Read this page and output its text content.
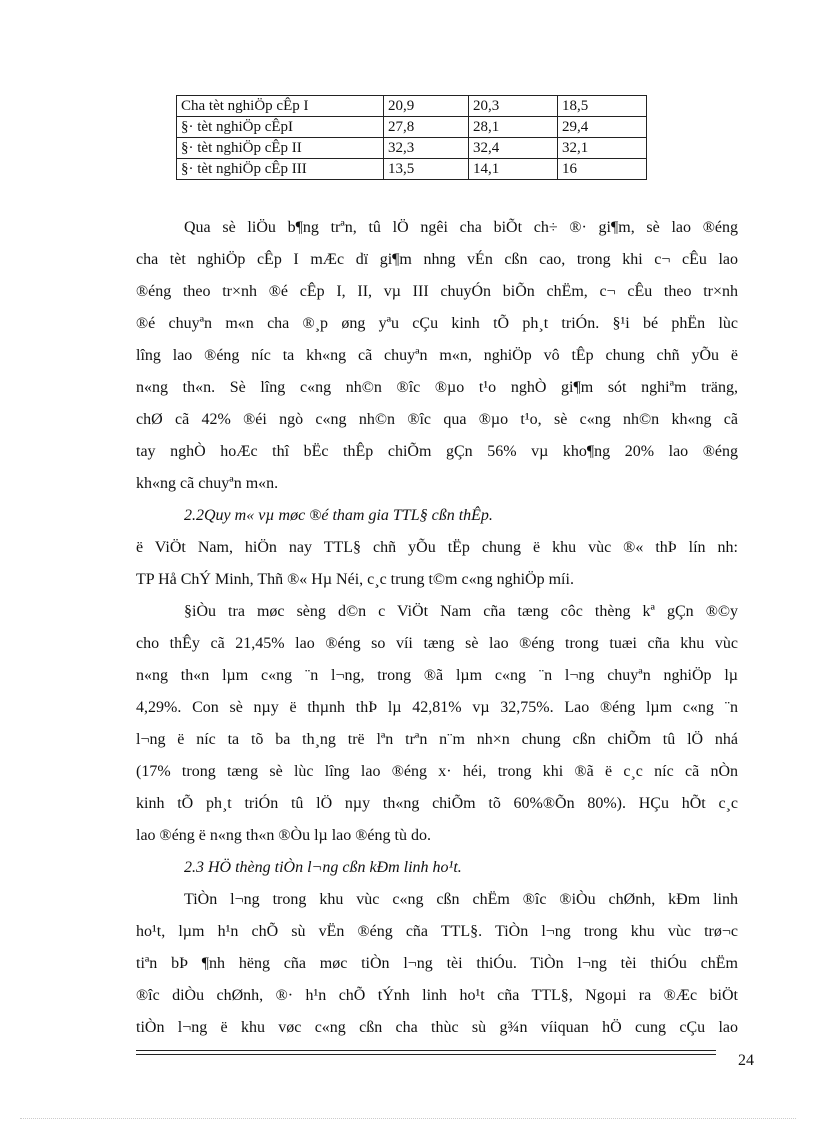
Cha tèt nghiÖp cÊp I	20,9	20,3	18,5
§· tèt nghiÖp cÊpI	27,8	28,1	29,4
§· tèt nghiÖp cÊp II	32,3	32,4	32,1
§· tèt nghiÖp cÊp III	13,5	14,1	16

Qua sè liÖu b¶ng trªn, tû lÖ ngêi cha biÕt ch÷ ®· gi¶m, sè lao ®éng
cha tèt nghiÖp cÊp I mÆc dï gi¶m nhng vÉn cßn cao, trong khi c¬ cÊu lao
®éng theo tr×nh ®é cÊp I, II, vµ III chuyÓn biÕn chËm, c¬ cÊu theo tr×nh
®é chuyªn m«n cha ®¸p øng yªu cÇu kinh tÕ ph¸t triÓn. §¹i bé phËn lùc
lîng lao ®éng níc ta kh«ng cã chuyªn m«n, nghiÖp vô tÊp chung chñ yÕu ë
n«ng th«n. Sè lîng c«ng nh©n ®îc ®µo t¹o nghÒ gi¶m sót nghiªm träng,
chØ cã 42% ®éi ngò c«ng nh©n ®îc qua ®µo t¹o, sè c«ng nh©n kh«ng cã
tay nghÒ hoÆc thî bËc thÊp chiÕm gÇn 56% vµ kho¶ng 20% lao ®éng
kh«ng cã chuyªn m«n.

2.2Quy m« vµ møc ®é tham gia TTL§ cßn thÊp.

ë ViÖt Nam, hiÖn nay TTL§ chñ yÕu tËp chung ë khu vùc ®« thÞ lín nh:
TP Hå ChÝ Minh, Thñ ®« Hµ Néi, c¸c trung t©m c«ng nghiÖp míi.

§iÒu tra møc sèng d©n c ViÖt Nam cña tæng côc thèng kª gÇn ®©y
cho thÊy cã 21,45% lao ®éng so víi tæng sè lao ®éng trong tuæi cña khu vùc
n«ng th«n lµm c«ng ¨n l¬ng, trong ®ã lµm c«ng ¨n l¬ng chuyªn nghiÖp lµ
4,29%. Con sè nµy ë thµnh thÞ lµ 42,81% vµ 32,75%. Lao ®éng lµm c«ng ¨n
l¬ng ë níc ta tõ ba th¸ng trë lªn trªn n¨m nh×n chung cßn chiÕm tû lÖ nhá
(17% trong tæng sè lùc lîng lao ®éng x· héi, trong khi ®ã ë c¸c níc cã nÒn
kinh tÕ ph¸t triÓn tû lÖ nµy th«ng chiÕm tõ 60%®Õn 80%). HÇu hÕt c¸c
lao ®éng ë n«ng th«n ®Òu lµ lao ®éng tù do.

2.3 HÖ thèng tiÒn l¬ng cßn kÐm linh ho¹t.

TiÒn l¬ng trong khu vùc c«ng cßn chËm ®îc ®iÒu chØnh, kÐm linh
ho¹t, lµm h¹n chÕ sù vËn ®éng cña TTL§. TiÒn l¬ng trong khu vùc trø¬c
tiªn bÞ ¶nh hëng cña møc tiÒn l¬ng tèi thiÓu. TiÒn l¬ng tèi thiÓu chËm
®îc diÒu chØnh, ®· h¹n chÕ tÝnh linh ho¹t cña TTL§, Ngoµi ra ®Æc biÖt
tiÒn l¬ng ë khu vøc c«ng cßn cha thùc sù g¾n víiquan hÖ cung cÇu lao

24
